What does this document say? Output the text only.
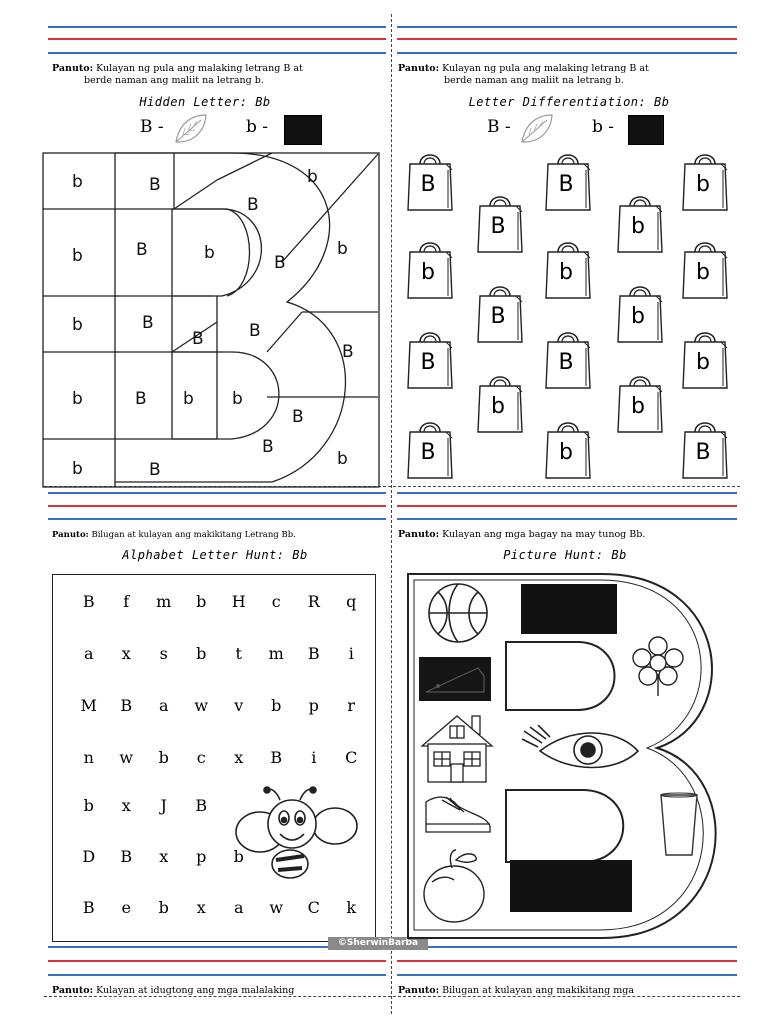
Panuto: Kulayan ng pula ang malaking letrang B at
berde naman ang maliit na letrang b.
Hidden Letter: Bb
B -	b -
b	B	b
B
b	B	b	B
b
B
B	B
b
B
b	B b b
B
B
b
B
b
Panuto: Kulayan ng pula ang malaking letrang B at
berde naman ang maliit na letrang b.
Letter Differentiation: Bb
B -	b -
B	B	b
B	b
b	b	b
B	b
B	B	b
b	b
B	b	B
Panuto: Bilugan at kulayan ang makikitang Letrang Bb.
Alphabet Letter Hunt: Bb
B	f	m	b	H	c	R	q
a	x	s	b	t	m	B	i
M	B	a	w	v	b	p	r
n	w	b	c	x	B	i	C
b	x	J	B
D	B	x	p	b
B	e	b	x	a	w	C	k
©SherwinBarba
Panuto: Kulayan ang mga bagay na may tunog Bb.
Picture Hunt: Bb
Panuto: Kulayan at idugtong ang mga malalaking	Panuto: Bilugan at kulayan ang makikitang mga
